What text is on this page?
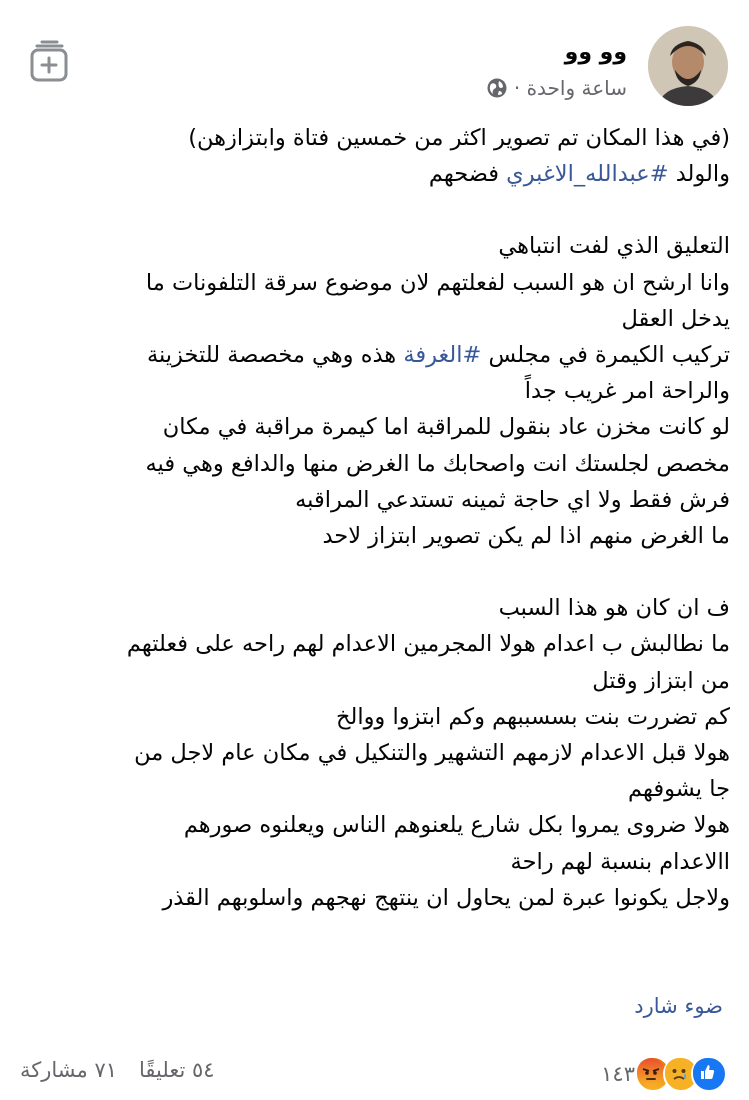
وو وو
ساعة واحدة ·
(في هذا المكان تم تصوير اكثر من خمسين فتاة وابتزازهن)
والولد #عبدالله_الاغبري فضحهم
التعليق الذي لفت انتباهي
وانا ارشح ان هو السبب لفعلتهم لان موضوع سرقة التلفونات ما
يدخل العقل
تركيب الكيمرة في مجلس #الغرفة هذه وهي مخصصة للتخزينة
والراحة امر غريب جداً
لو كانت مخزن عاد بنقول للمراقبة اما كيمرة مراقبة في مكان
مخصص لجلستك انت واصحابك ما الغرض منها والدافع وهي فيه
فرش فقط ولا اي حاجة ثمينه تستدعي المراقبه
ما الغرض منهم اذا لم يكن تصوير ابتزاز لاحد
ف ان كان هو هذا السبب
ما نطالبش ب اعدام هولا المجرمين الاعدام لهم راحه على فعلتهم
من ابتزاز وقتل
كم تضررت بنت بسسببهم وكم ابتزوا ووالخ
هولا قبل الاعدام لازمهم التشهير والتنكيل في مكان عام لاجل من
جا يشوفهم
هولا ضروى يمروا بكل شارع يلعنوهم الناس ويعلنوه صورهم
االاعدام بنسبة لهم راحة
ولاجل يكونوا عبرة لمن يحاول ان ينتهج نهجهم واسلوبهم القذر
ضوء شارد
١٤٣
٥٤ تعليقًا
٧١ مشاركة
